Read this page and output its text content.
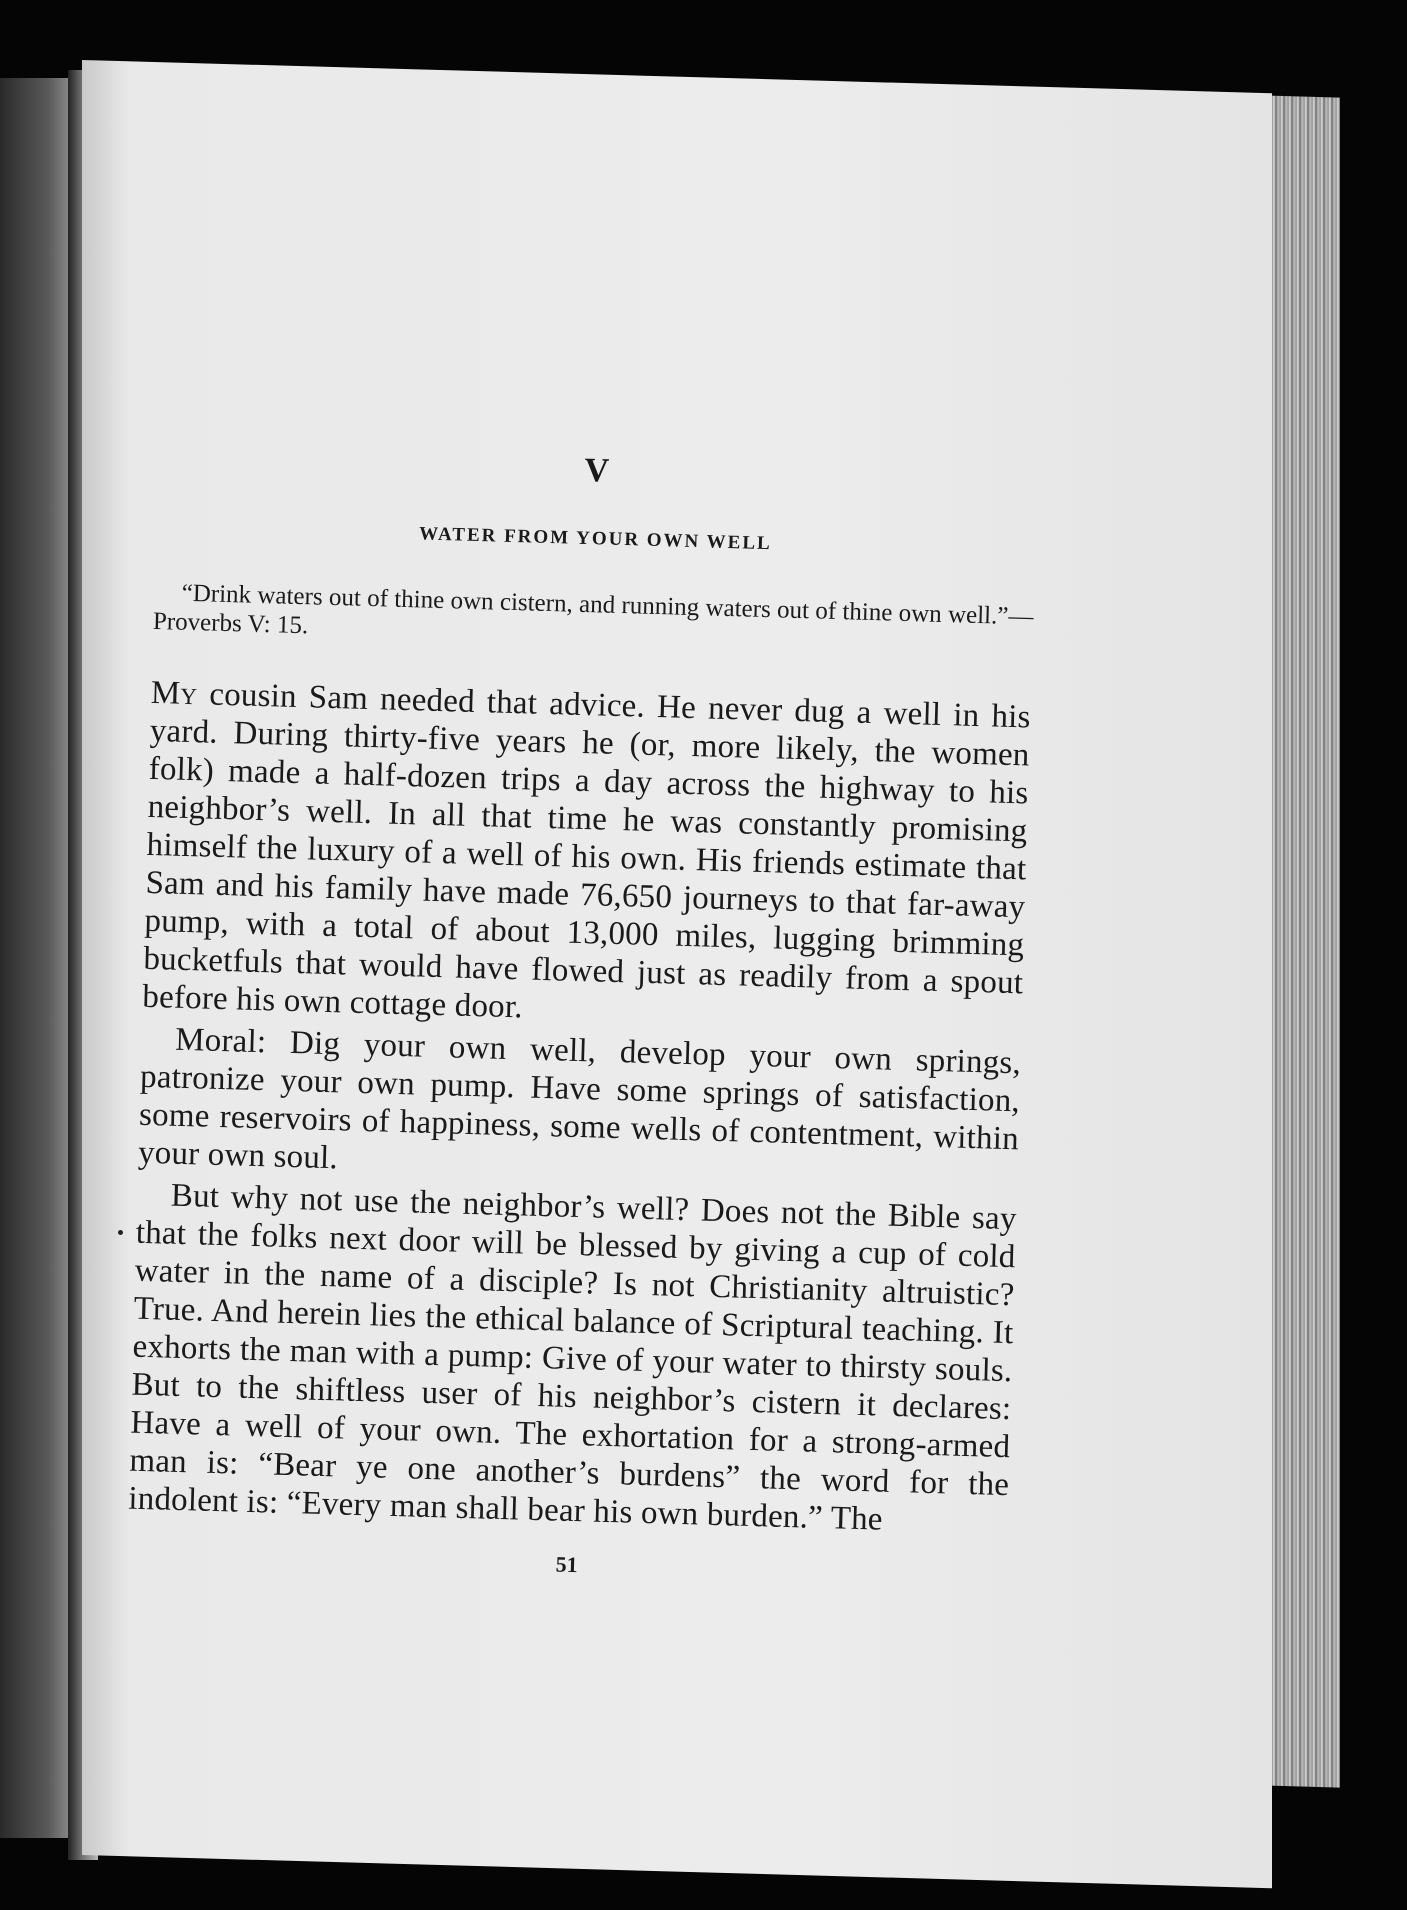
V
WATER FROM YOUR OWN WELL
“Drink waters out of thine own cistern, and running waters out of thine own well.”—Proverbs V: 15.

My cousin Sam needed that advice. He never dug a well in his yard. During thirty-five years he (or, more likely, the women folk) made a half-dozen trips a day across the highway to his neighbor’s well. In all that time he was constantly promising himself the luxury of a well of his own. His friends estimate that Sam and his family have made 76,650 journeys to that far-away pump, with a total of about 13,000 miles, lugging brimming bucketfuls that would have flowed just as readily from a spout before his own cottage door.

Moral: Dig your own well, develop your own springs, patronize your own pump. Have some springs of satisfaction, some reservoirs of happiness, some wells of contentment, within your own soul.

But why not use the neighbor’s well? Does not the Bible say that the folks next door will be blessed by giving a cup of cold water in the name of a disciple? Is not Christianity altruistic? True. And herein lies the ethical balance of Scriptural teaching. It exhorts the man with a pump: Give of your water to thirsty souls. But to the shiftless user of his neighbor’s cistern it declares: Have a well of your own. The exhortation for a strong-armed man is: “Bear ye one another’s burdens” the word for the indolent is: “Every man shall bear his own burden.” The

51
